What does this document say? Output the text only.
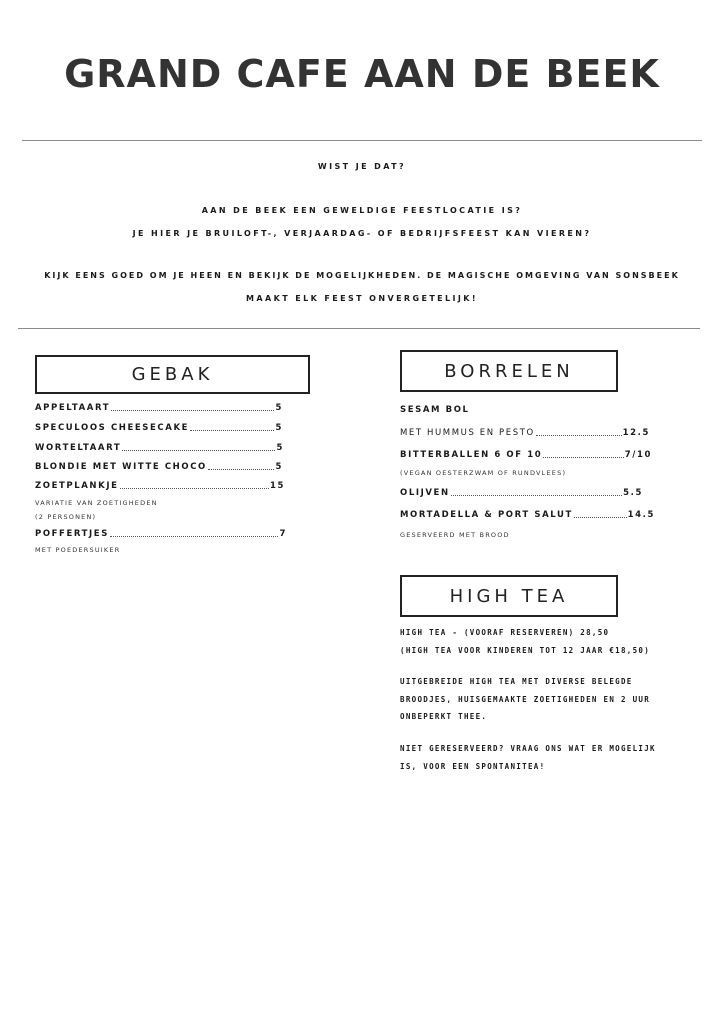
GRAND CAFE AAN DE BEEK
WIST JE DAT?
AAN DE BEEK EEN GEWELDIGE FEESTLOCATIE IS?
JE HIER JE BRUILOFT-, VERJAARDAG- OF BEDRIJFSFEEST KAN VIEREN?
KIJK EENS GOED OM JE HEEN EN BEKIJK DE MOGELIJKHEDEN. DE MAGISCHE OMGEVING VAN SONSBEEK
MAAKT ELK FEEST ONVERGETELIJK!
GEBAK
APPELTAART	5
SPECULOOS CHEESECAKE	5
WORTELTAART	5
BLONDIE MET WITTE CHOCO	5
ZOETPLANKJE	15
VARIATIE VAN ZOETIGHEDEN
(2 PERSONEN)
POFFERTJES	7
MET POEDERSUIKER
BORRELEN
SESAM BOL
MET HUMMUS EN PESTO	12.5
BITTERBALLEN 6 OF 10	7/10
(VEGAN OESTERZWAM OF RUNDVLEES)
OLIJVEN	5.5
MORTADELLA & PORT SALUT	14.5
GESERVEERD MET BROOD
HIGH TEA
HIGH TEA - (VOORAF RESERVEREN) 28,50
(HIGH TEA VOOR KINDEREN TOT 12 JAAR €18,50)
UITGEBREIDE HIGH TEA MET DIVERSE BELEGDE
BROODJES, HUISGEMAAKTE ZOETIGHEDEN EN 2 UUR
ONBEPERKT THEE.
NIET GERESERVEERD? VRAAG ONS WAT ER MOGELIJK
IS, VOOR EEN SPONTANITEA!
